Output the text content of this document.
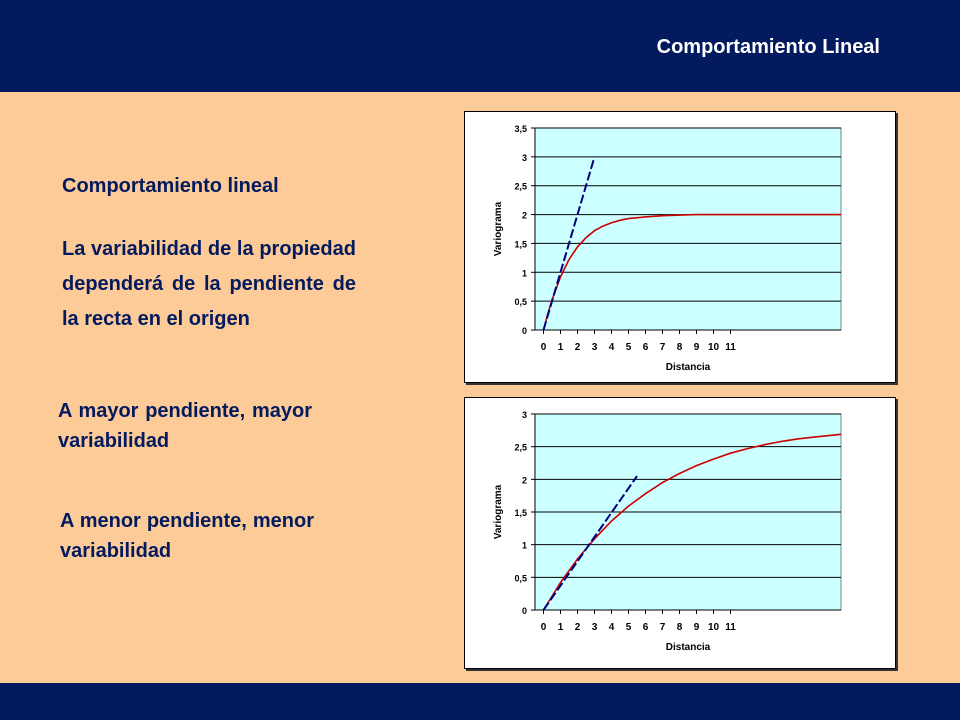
Comportamiento Lineal
Comportamiento lineal
La variabilidad de la propiedad dependerá de la pendiente de la recta en el origen
A mayor pendiente, mayor variabilidad
A menor pendiente, menor variabilidad
0
0,5
1
1,5
2
2,5
3
3,5
0 1 2 3 4 5 6 7 8 9 10 11
Distancia
Variograma
0
0,5
1
1,5
2
2,5
3
0 1 2 3 4 5 6 7 8 9 10 11
Distancia
Variograma
